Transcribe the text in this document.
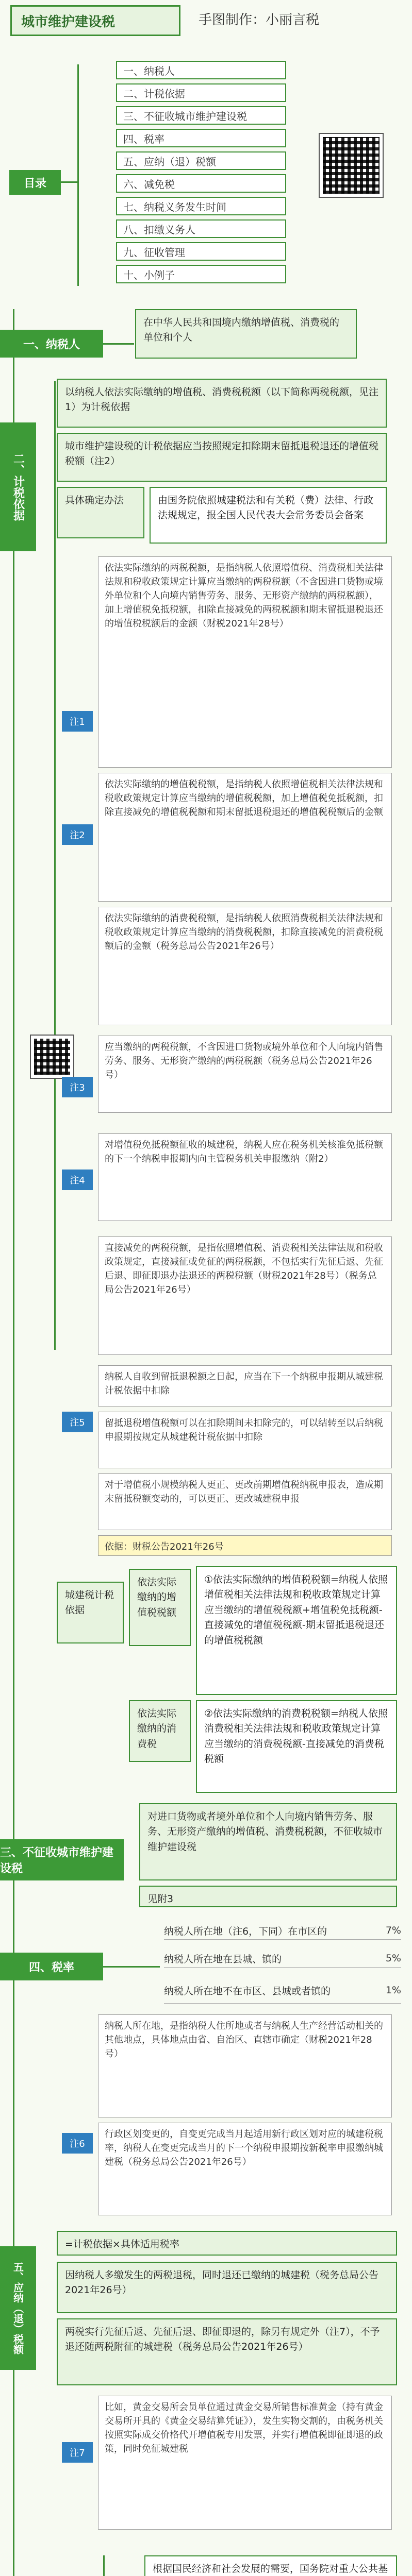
城市维护建设税	手图制作：小丽言税
目录
一、纳税人
二、计税依据
三、不征收城市维护建设税
四、税率
五、应纳（退）税额
六、减免税
七、纳税义务发生时间
八、扣缴义务人
九、征收管理
十、小例子
一、纳税人
在中华人民共和国境内缴纳增值税、消费税的单位和个人
二、计税依据
以纳税人依法实际缴纳的增值税、消费税税额（以下简称两税税额，见注1）为计税依据
城市维护建设税的计税依据应当按照规定扣除期末留抵退税退还的增值税税额（注2）
具体确定办法	由国务院依照城建税法和有关税（费）法律、行政法规规定，报全国人民代表大会常务委员会备案
注1
依法实际缴纳的两税税额，是指纳税人依照增值税、消费税相关法律法规和税收政策规定计算应当缴纳的两税税额（不含因进口货物或境外单位和个人向境内销售劳务、服务、无形资产缴纳的两税税额），加上增值税免抵税额，扣除直接减免的两税税额和期末留抵退税退还的增值税税额后的金额（财税2021年28号）
注2
依法实际缴纳的增值税税额，是指纳税人依照增值税相关法律法规和税收政策规定计算应当缴纳的增值税税额，加上增值税免抵税额，扣除直接减免的增值税税额和期末留抵退税退还的增值税税额后的金额
依法实际缴纳的消费税税额，是指纳税人依照消费税相关法律法规和税收政策规定计算应当缴纳的消费税税额，扣除直接减免的消费税税额后的金额（税务总局公告2021年26号）
注3
应当缴纳的两税税额，不含因进口货物或境外单位和个人向境内销售劳务、服务、无形资产缴纳的两税税额（税务总局公告2021年26号）
注4
对增值税免抵税额征收的城建税，纳税人应在税务机关核准免抵税额的下一个纳税申报期内向主管税务机关申报缴纳（附2）
注5
直接减免的两税税额，是指依照增值税、消费税相关法律法规和税收政策规定，直接减征或免征的两税税额，不包括实行先征后返、先征后退、即征即退办法退还的两税税额（财税2021年28号）（税务总局公告2021年26号）
纳税人自收到留抵退税额之日起，应当在下一个纳税申报期从城建税计税依据中扣除
留抵退税增值税额可以在扣除期间未扣除完的，可以结转至以后纳税申报期按规定从城建税计税依据中扣除
对于增值税小规模纳税人更正、更改前期增值税纳税申报表，造成期末留抵税额变动的，可以更正、更改城建税申报
依据：财税公告2021年26号
城建税计税依据
依法实际缴纳的增值税税额
①依法实际缴纳的增值税税额=纳税人依照增值税相关法律法规和税收政策规定计算应当缴纳的增值税税额+增值税免抵税额-直接减免的增值税税额-期末留抵退税退还的增值税税额
依法实际缴纳的消费税
②依法实际缴纳的消费税税额=纳税人依照消费税相关法律法规和税收政策规定计算应当缴纳的消费税税额-直接减免的消费税税额
三、不征收城市维护建设税
对进口货物或者境外单位和个人向境内销售劳务、服务、无形资产缴纳的增值税、消费税税额，不征收城市维护建设税
见附3
四、税率
纳税人所在地（注6，下同）在市区的	7%
纳税人所在地在县城、镇的	5%
纳税人所在地不在市区、县城或者镇的	1%
注6
纳税人所在地，是指纳税人住所地或者与纳税人生产经营活动相关的其他地点，具体地点由省、自治区、直辖市确定（财税2021年28号）
行政区划变更的，自变更完成当月起适用新行政区划对应的城建税税率，纳税人在变更完成当月的下一个纳税申报期按新税率申报缴纳城建税（税务总局公告2021年26号）
五、应纳（退）税额
=计税依据×具体适用税率
因纳税人多缴发生的两税退税，同时退还已缴纳的城建税（税务总局公告2021年26号）
两税实行先征后返、先征后退、即征即退的，除另有规定外（注7），不予退还随两税附征的城建税（税务总局公告2021年26号）
注7
比如，黄金交易所会员单位通过黄金交易所销售标准黄金（持有黄金交易所开具的《黄金交易结算凭证》），发生实物交割的，由税务机关按照实际成交价格代开增值税专用发票，并实行增值税即征即退的政策，同时免征城建税
根据国民经济和社会发展的需要，国务院对重大公共基
